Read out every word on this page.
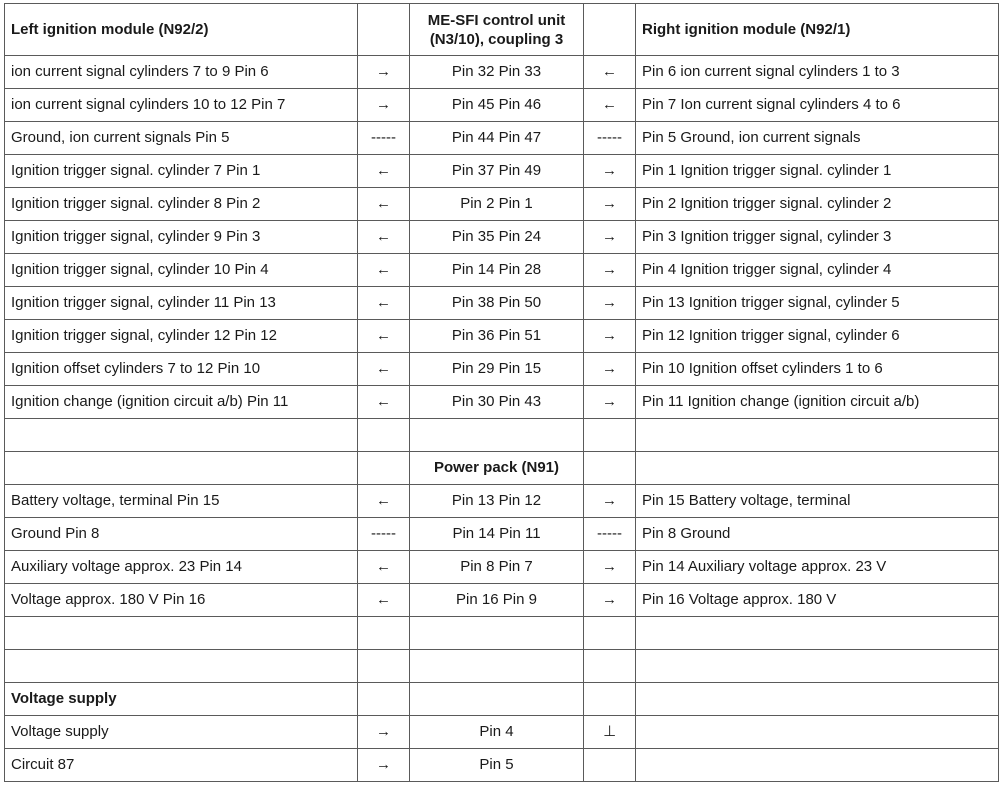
Left ignition module (N92/2)		ME-SFI control unit (N3/10), coupling 3		Right ignition module (N92/1)
ion current signal cylinders 7 to 9 Pin 6	→	Pin 32 Pin 33	←	Pin 6 ion current signal cylinders 1 to 3
ion current signal cylinders 10 to 12 Pin 7	→	Pin 45 Pin 46	←	Pin 7 Ion current signal cylinders 4 to 6
Ground, ion current signals Pin 5	-----	Pin 44 Pin 47	-----	Pin 5 Ground, ion current signals
Ignition trigger signal. cylinder 7 Pin 1	←	Pin 37 Pin 49	→	Pin 1 Ignition trigger signal. cylinder 1
Ignition trigger signal. cylinder 8 Pin 2	←	Pin 2 Pin 1	→	Pin 2 Ignition trigger signal. cylinder 2
Ignition trigger signal, cylinder 9 Pin 3	←	Pin 35 Pin 24	→	Pin 3 Ignition trigger signal, cylinder 3
Ignition trigger signal, cylinder 10 Pin 4	←	Pin 14 Pin 28	→	Pin 4 Ignition trigger signal, cylinder 4
Ignition trigger signal, cylinder 11 Pin 13	←	Pin 38 Pin 50	→	Pin 13 Ignition trigger signal, cylinder 5
Ignition trigger signal, cylinder 12 Pin 12	←	Pin 36 Pin 51	→	Pin 12 Ignition trigger signal, cylinder 6
Ignition offset cylinders 7 to 12 Pin 10	←	Pin 29 Pin 15	→	Pin 10 Ignition offset cylinders 1 to 6
Ignition change (ignition circuit a/b) Pin 11	←	Pin 30 Pin 43	→	Pin 11 Ignition change (ignition circuit a/b)

		Power pack (N91)		
Battery voltage, terminal Pin 15	←	Pin 13 Pin 12	→	Pin 15 Battery voltage, terminal
Ground Pin 8	-----	Pin 14 Pin 11	-----	Pin 8 Ground
Auxiliary voltage approx. 23 Pin 14	←	Pin 8 Pin 7	→	Pin 14 Auxiliary voltage approx. 23 V
Voltage approx. 180 V Pin 16	←	Pin 16 Pin 9	→	Pin 16 Voltage approx. 180 V

Voltage supply				
Voltage supply	→	Pin 4	⊥	
Circuit 87	→	Pin 5		
